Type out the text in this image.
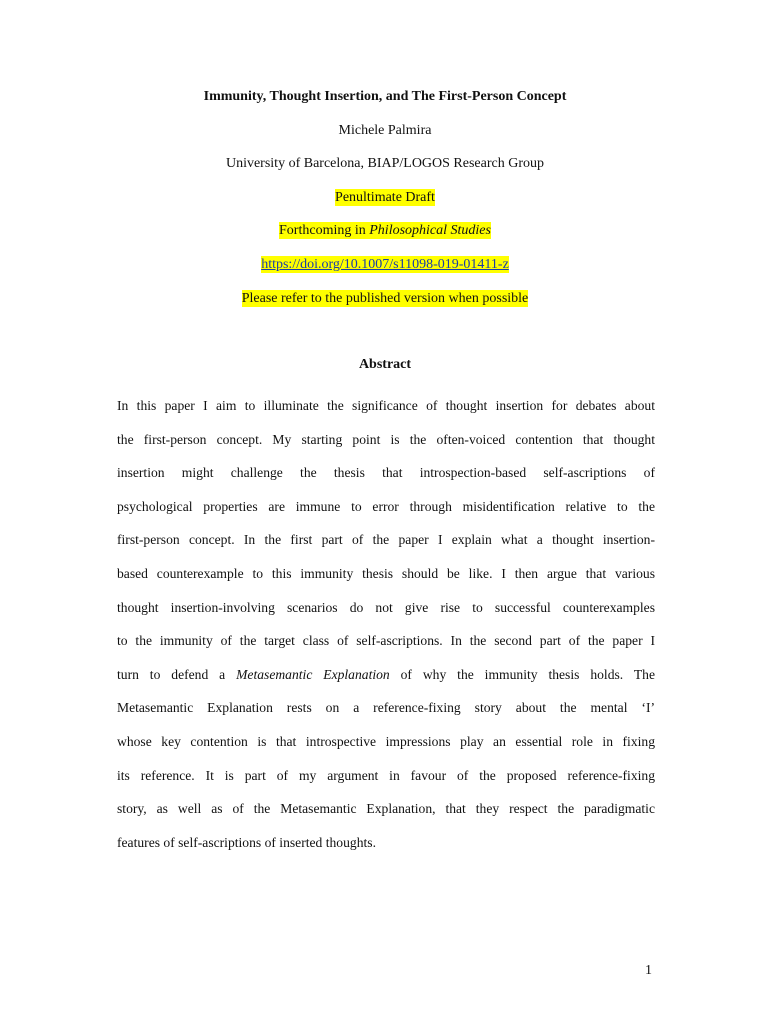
Immunity, Thought Insertion, and The First-Person Concept
Michele Palmira
University of Barcelona, BIAP/LOGOS Research Group
Penultimate Draft
Forthcoming in Philosophical Studies
https://doi.org/10.1007/s11098-019-01411-z
Please refer to the published version when possible
Abstract
In this paper I aim to illuminate the significance of thought insertion for debates about
the first-person concept. My starting point is the often-voiced contention that thought
insertion might challenge the thesis that introspection-based self-ascriptions of
psychological properties are immune to error through misidentification relative to the
first-person concept. In the first part of the paper I explain what a thought insertion-
based counterexample to this immunity thesis should be like. I then argue that various
thought insertion-involving scenarios do not give rise to successful counterexamples
to the immunity of the target class of self-ascriptions. In the second part of the paper I
turn to defend a Metasemantic Explanation of why the immunity thesis holds. The
Metasemantic Explanation rests on a reference-fixing story about the mental ‘I’
whose key contention is that introspective impressions play an essential role in fixing
its reference. It is part of my argument in favour of the proposed reference-fixing
story, as well as of the Metasemantic Explanation, that they respect the paradigmatic
features of self-ascriptions of inserted thoughts.
1
